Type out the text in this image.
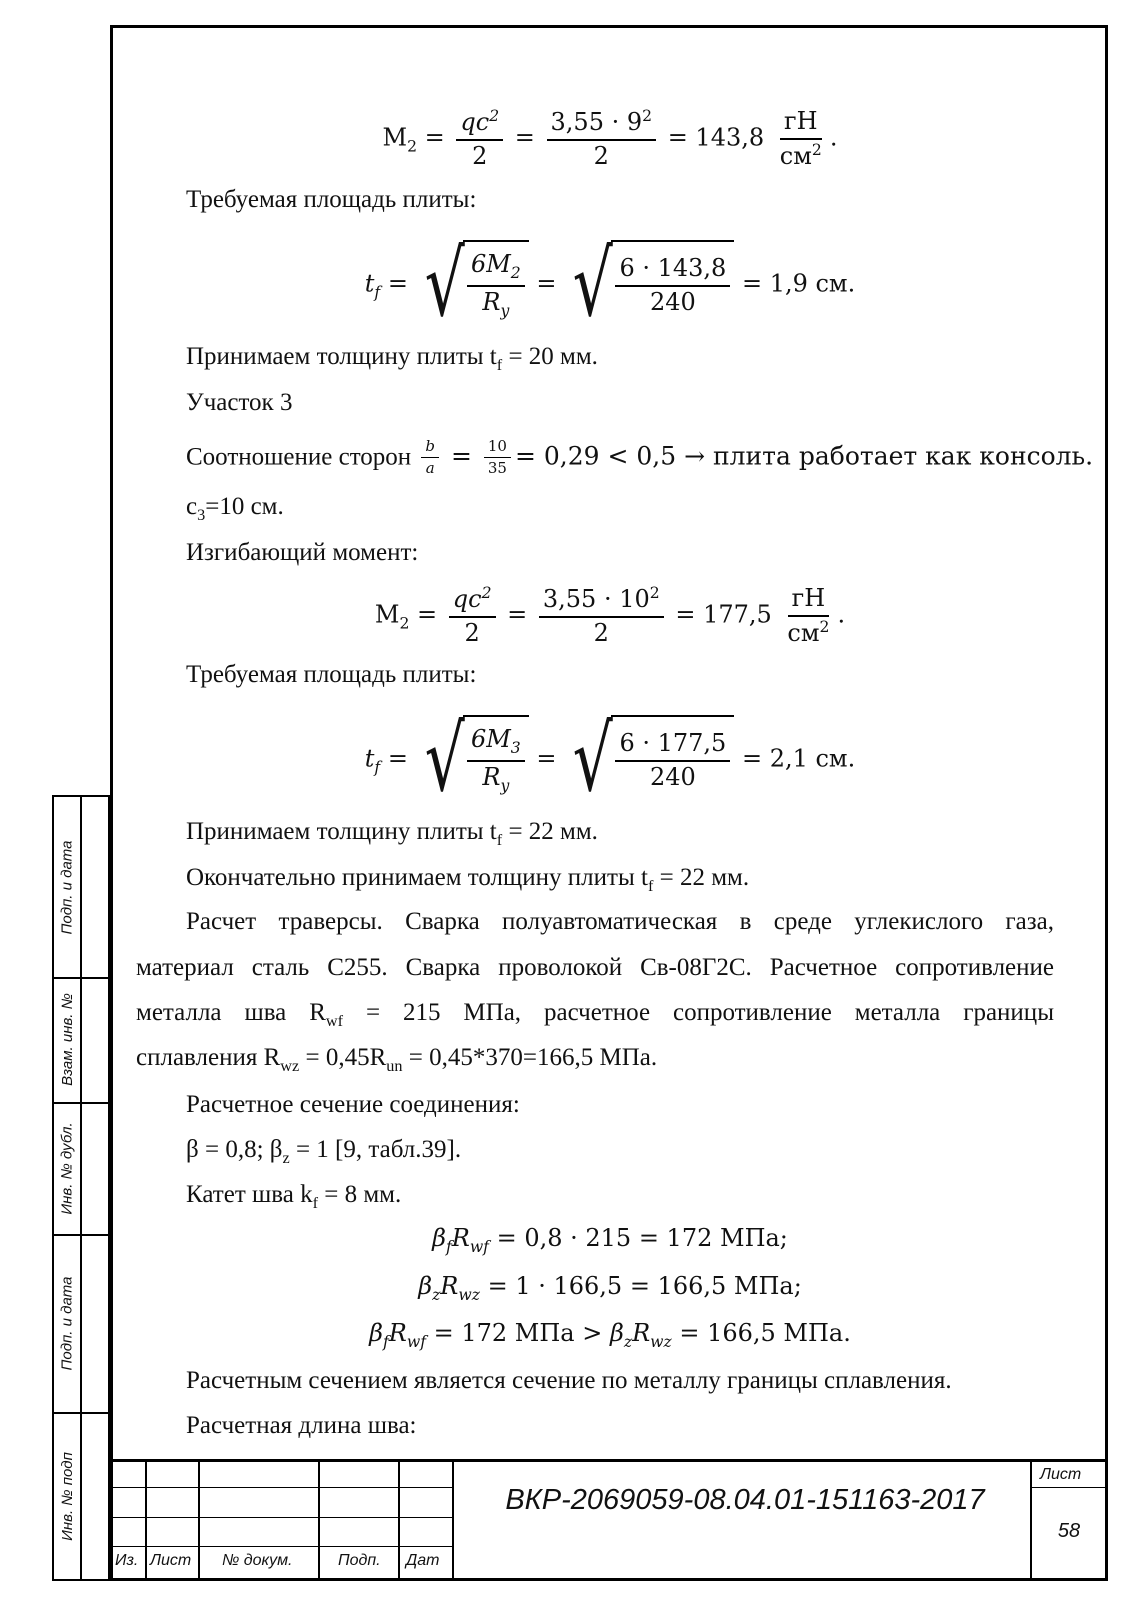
$М_2 = \frac{qc^2}{2} = \frac{3,55 \cdot 9^2}{2} = 143,8 \frac{гН}{см^2}$ .
Требуемая площадь плиты:
$t_f$ = √ $\frac{6M_2}{R_y}$ = √ $\frac{6 \cdot 143,8}{240} = 1,9$ см.
Принимаем толщину плиты $t_f = 20$ мм.
Участок 3
Соотношение сторон $\frac{b}{a} = \frac{10}{35} = 0,29 < 0,5$ → плита работает как консоль.
$c_3=10$ см.
Изгибающий момент:
$М_2 = \frac{qc^2}{2} = \frac{3,55 \cdot 10^2}{2} = 177,5 \frac{гН}{см^2}$ .
Требуемая площадь плиты:
$t_f$ = √ $\frac{6M_3}{R_y}$ = √ $\frac{6 \cdot 177,5}{240} = 2,1$ см.
Принимаем толщину плиты $t_f = 22$ мм.
Окончательно принимаем толщину плиты $t_f = 22$ мм.
Расчет траверсы. Сварка полуавтоматическая в среде углекислого газа,
материал сталь С255. Сварка проволокой Св-08Г2С. Расчетное сопротивление
металла шва $R_{wf} = 215$ МПа, расчетное сопротивление металла границы
сплавления $R_{wz} = 0,45R_{un} = 0,45*370=166,5$ МПа.
Расчетное сечение соединения:
β = 0,8; $\beta_z = 1$ [9, табл.39].
Катет шва $k_f = 8$ мм.
$\beta_fR_{wf} = 0,8 \cdot 215 = 172$ МПа;
$\beta_zR_{wz} = 1 \cdot 166,5 = 166,5$ МПа;
$\beta_fR_{wf} = 172$ МПа > $\beta_zR_{wz} = 166,5$ МПа.
Расчетным сечением является сечение по металлу границы сплавления.
Расчетная длина шва:
Подп. и дата
Взам. инв. №
Инв. № дубл.
Подп. и дата
Инв. № подп
Из. Лист № докум.	Подп. Дат
ВКР-2069059-08.04.01-151163-2017
Лист
58
